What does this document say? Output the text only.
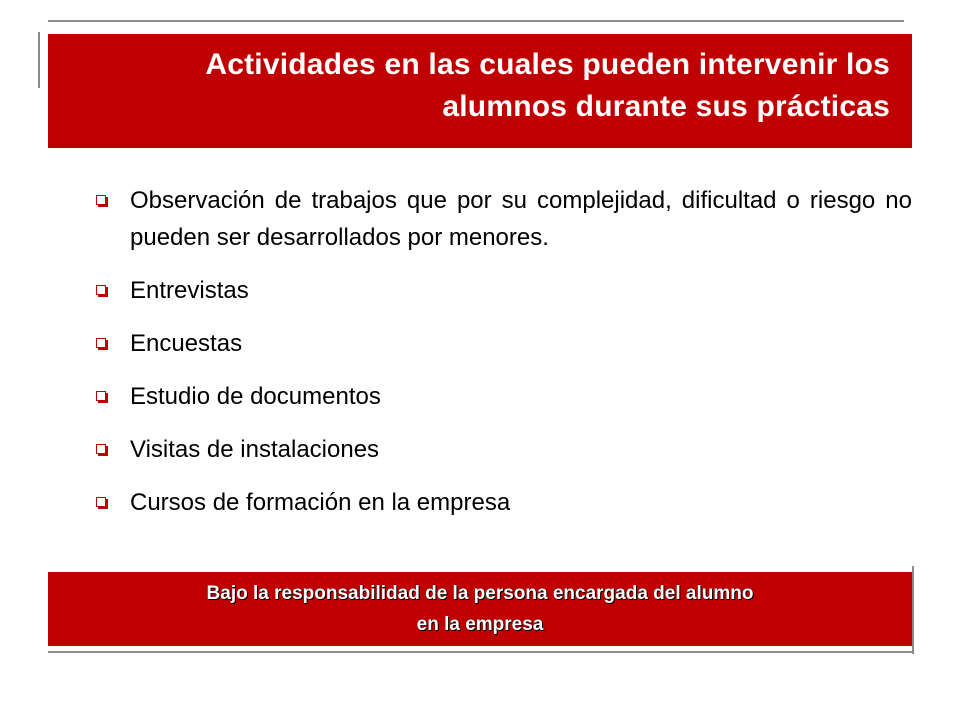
Actividades en las cuales pueden intervenir los
alumnos durante sus prácticas
Observación de trabajos que por su complejidad, dificultad o riesgo no pueden ser desarrollados por menores.
Entrevistas
Encuestas
Estudio de documentos
Visitas de instalaciones
Cursos de formación en la empresa
Bajo la responsabilidad de la persona encargada del alumno
en la empresa
